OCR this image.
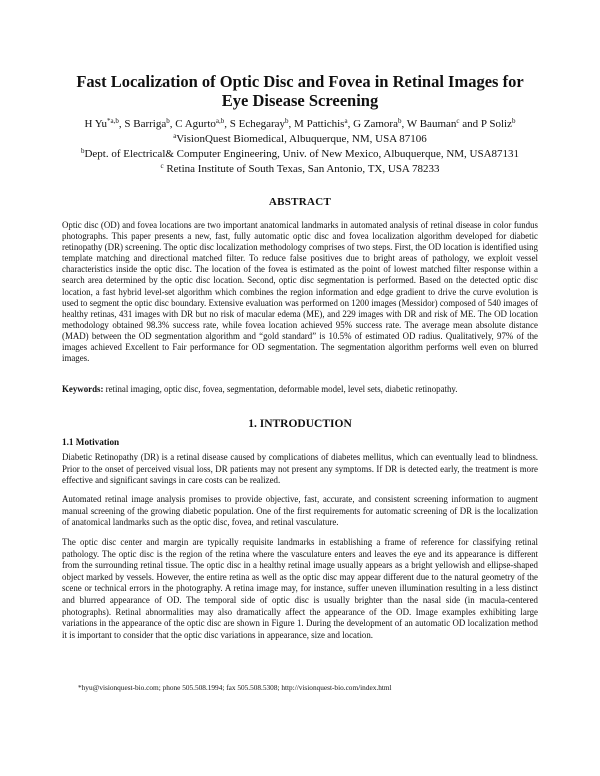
Fast Localization of Optic Disc and Fovea in Retinal Images for
Eye Disease Screening
H Yu$^{*a,b}$, S Barriga$^b$, C Agurto$^{a,b}$, S Echegaray$^b$, M Pattichis$^a$, G Zamora$^b$, W Bauman$^c$ and P Soliz$^b$
$^a$VisionQuest Biomedical, Albuquerque, NM, USA 87106
$^b$Dept. of Electrical& Computer Engineering, Univ. of New Mexico, Albuquerque, NM, USA87131
$^c$ Retina Institute of South Texas, San Antonio, TX, USA 78233
ABSTRACT
Optic disc (OD) and fovea locations are two important anatomical landmarks in automated analysis of retinal disease in color fundus photographs. This paper presents a new, fast, fully automatic optic disc and fovea localization algorithm developed for diabetic retinopathy (DR) screening. The optic disc localization methodology comprises of two steps. First, the OD location is identified using template matching and directional matched filter. To reduce false positives due to bright areas of pathology, we exploit vessel characteristics inside the optic disc. The location of the fovea is estimated as the point of lowest matched filter response within a search area determined by the optic disc location. Second, optic disc segmentation is performed. Based on the detected optic disc location, a fast hybrid level-set algorithm which combines the region information and edge gradient to drive the curve evolution is used to segment the optic disc boundary. Extensive evaluation was performed on 1200 images (Messidor) composed of 540 images of healthy retinas, 431 images with DR but no risk of macular edema (ME), and 229 images with DR and risk of ME. The OD location methodology obtained 98.3% success rate, while fovea location achieved 95% success rate. The average mean absolute distance (MAD) between the OD segmentation algorithm and “gold standard” is 10.5% of estimated OD radius. Qualitatively, 97% of the images achieved Excellent to Fair performance for OD segmentation. The segmentation algorithm performs well even on blurred images.
Keywords: retinal imaging, optic disc, fovea, segmentation, deformable model, level sets, diabetic retinopathy.
1. INTRODUCTION
1.1 Motivation
Diabetic Retinopathy (DR) is a retinal disease caused by complications of diabetes mellitus, which can eventually lead to blindness. Prior to the onset of perceived visual loss, DR patients may not present any symptoms. If DR is detected early, the treatment is more effective and significant savings in care costs can be realized.
Automated retinal image analysis promises to provide objective, fast, accurate, and consistent screening information to augment manual screening of the growing diabetic population. One of the first requirements for automatic screening of DR is the localization of anatomical landmarks such as the optic disc, fovea, and retinal vasculature.
The optic disc center and margin are typically requisite landmarks in establishing a frame of reference for classifying retinal pathology. The optic disc is the region of the retina where the vasculature enters and leaves the eye and its appearance is different from the surrounding retinal tissue. The optic disc in a healthy retinal image usually appears as a bright yellowish and ellipse-shaped object marked by vessels. However, the entire retina as well as the optic disc may appear different due to the natural geometry of the scene or technical errors in the photography. A retina image may, for instance, suffer uneven illumination resulting in a less distinct and blurred appearance of OD. The temporal side of optic disc is usually brighter than the nasal side (in macula-centered photographs). Retinal abnormalities may also dramatically affect the appearance of the OD. Image examples exhibiting large variations in the appearance of the optic disc are shown in Figure 1. During the development of an automatic OD localization method it is important to consider that the optic disc variations in appearance, size and location.
*hyu@visionquest-bio.com; phone 505.508.1994; fax 505.508.5308; http://visionquest-bio.com/index.html
